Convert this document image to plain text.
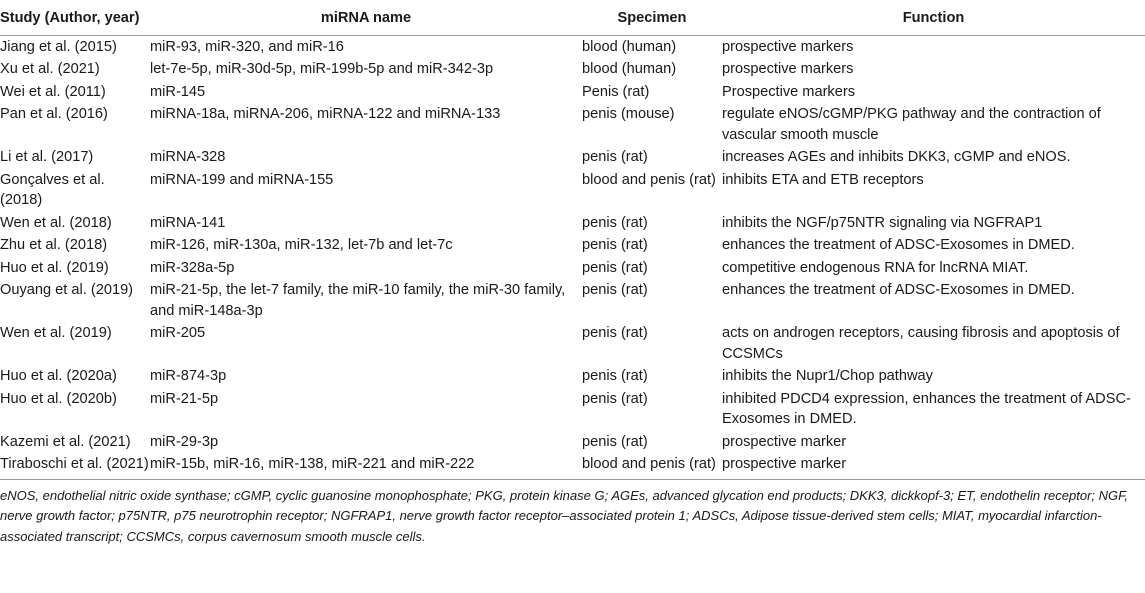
Study (Author, year)	miRNA name	Specimen	Function
Jiang et al. (2015)	miR-93, miR-320, and miR-16	blood (human)	prospective markers
Xu et al. (2021)	let-7e-5p, miR-30d-5p, miR-199b-5p and miR-342-3p	blood (human)	prospective markers
Wei et al. (2011)	miR-145	Penis (rat)	Prospective markers
Pan et al. (2016)	miRNA-18a, miRNA-206, miRNA-122 and miRNA-133	penis (mouse)	regulate eNOS/cGMP/PKG pathway and the contraction of vascular smooth muscle
Li et al. (2017)	miRNA-328	penis (rat)	increases AGEs and inhibits DKK3, cGMP and eNOS.
Gonçalves et al. (2018)	miRNA-199 and miRNA-155	blood and penis (rat)	inhibits ETA and ETB receptors
Wen et al. (2018)	miRNA-141	penis (rat)	inhibits the NGF/p75NTR signaling via NGFRAP1
Zhu et al. (2018)	miR-126, miR-130a, miR-132, let-7b and let-7c	penis (rat)	enhances the treatment of ADSC-Exosomes in DMED.
Huo et al. (2019)	miR-328a-5p	penis (rat)	competitive endogenous RNA for lncRNA MIAT.
Ouyang et al. (2019)	miR-21-5p, the let-7 family, the miR-10 family, the miR-30 family, and miR-148a-3p	penis (rat)	enhances the treatment of ADSC-Exosomes in DMED.
Wen et al. (2019)	miR-205	penis (rat)	acts on androgen receptors, causing fibrosis and apoptosis of CCSMCs
Huo et al. (2020a)	miR-874-3p	penis (rat)	inhibits the Nupr1/Chop pathway
Huo et al. (2020b)	miR-21-5p	penis (rat)	inhibited PDCD4 expression, enhances the treatment of ADSC-Exosomes in DMED.
Kazemi et al. (2021)	miR-29-3p	penis (rat)	prospective marker
Tiraboschi et al. (2021)	miR-15b, miR-16, miR-138, miR-221 and miR-222	blood and penis (rat)	prospective marker
eNOS, endothelial nitric oxide synthase; cGMP, cyclic guanosine monophosphate; PKG, protein kinase G; AGEs, advanced glycation end products; DKK3, dickkopf-3; ET, endothelin receptor; NGF, nerve growth factor; p75NTR, p75 neurotrophin receptor; NGFRAP1, nerve growth factor receptor–associated protein 1; ADSCs, Adipose tissue-derived stem cells; MIAT, myocardial infarction-associated transcript; CCSMCs, corpus cavernosum smooth muscle cells.
